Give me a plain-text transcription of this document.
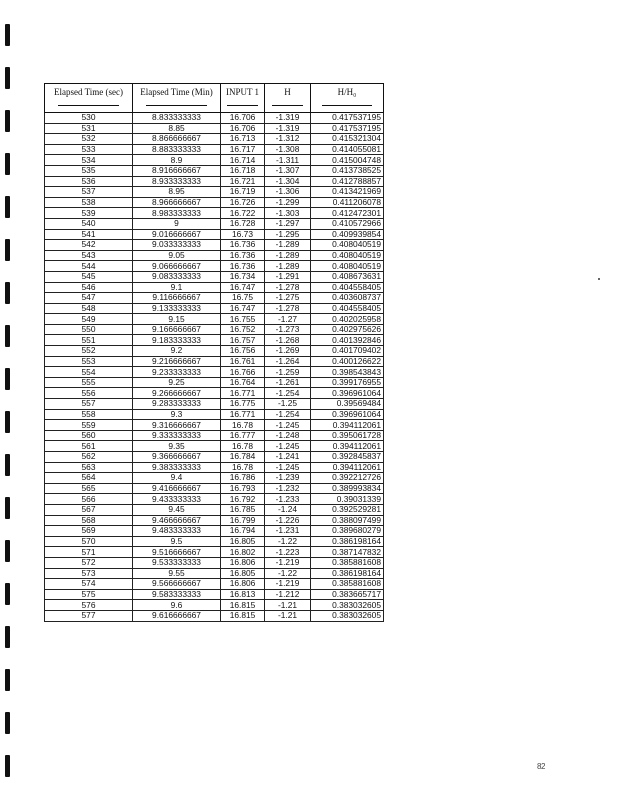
Elapsed Time (sec)	Elapsed Time (Min)	INPUT 1	H	H/H₀

530	8.833333333	16.706	-1.319	0.417537195
531	8.85	16.706	-1.319	0.417537195
532	8.866666667	16.713	-1.312	0.415321304
533	8.883333333	16.717	-1.308	0.414055081
534	8.9	16.714	-1.311	0.415004748
535	8.916666667	16.718	-1.307	0.413738525
536	8.933333333	16.721	-1.304	0.412788857
537	8.95	16.719	-1.306	0.413421969
538	8.966666667	16.726	-1.299	0.411206078
539	8.983333333	16.722	-1.303	0.412472301
540	9	16.728	-1.297	0.410572966
541	9.016666667	16.73	-1.295	0.409939854
542	9.033333333	16.736	-1.289	0.408040519
543	9.05	16.736	-1.289	0.408040519
544	9.066666667	16.736	-1.289	0.408040519
545	9.083333333	16.734	-1.291	0.408673631
546	9.1	16.747	-1.278	0.404558405
547	9.116666667	16.75	-1.275	0.403608737
548	9.133333333	16.747	-1.278	0.404558405
549	9.15	16.755	-1.27	0.402025958
550	9.166666667	16.752	-1.273	0.402975626
551	9.183333333	16.757	-1.268	0.401392846
552	9.2	16.756	-1.269	0.401709402
553	9.216666667	16.761	-1.264	0.400126622
554	9.233333333	16.766	-1.259	0.398543843
555	9.25	16.764	-1.261	0.399176955
556	9.266666667	16.771	-1.254	0.396961064
557	9.283333333	16.775	-1.25	0.39569484
558	9.3	16.771	-1.254	0.396961064
559	9.316666667	16.78	-1.245	0.394112061
560	9.333333333	16.777	-1.248	0.395061728
561	9.35	16.78	-1.245	0.394112061
562	9.366666667	16.784	-1.241	0.392845837
563	9.383333333	16.78	-1.245	0.394112061
564	9.4	16.786	-1.239	0.392212726
565	9.416666667	16.793	-1.232	0.389993834
566	9.433333333	16.792	-1.233	0.39031339
567	9.45	16.785	-1.24	0.392529281
568	9.466666667	16.799	-1.226	0.388097499
569	9.483333333	16.794	-1.231	0.389680279
570	9.5	16.805	-1.22	0.386198164
571	9.516666667	16.802	-1.223	0.387147832
572	9.533333333	16.806	-1.219	0.385881608
573	9.55	16.805	-1.22	0.386198164
574	9.566666667	16.806	-1.219	0.385881608
575	9.583333333	16.813	-1.212	0.383665717
576	9.6	16.815	-1.21	0.383032605
577	9.616666667	16.815	-1.21	0.383032605
82
